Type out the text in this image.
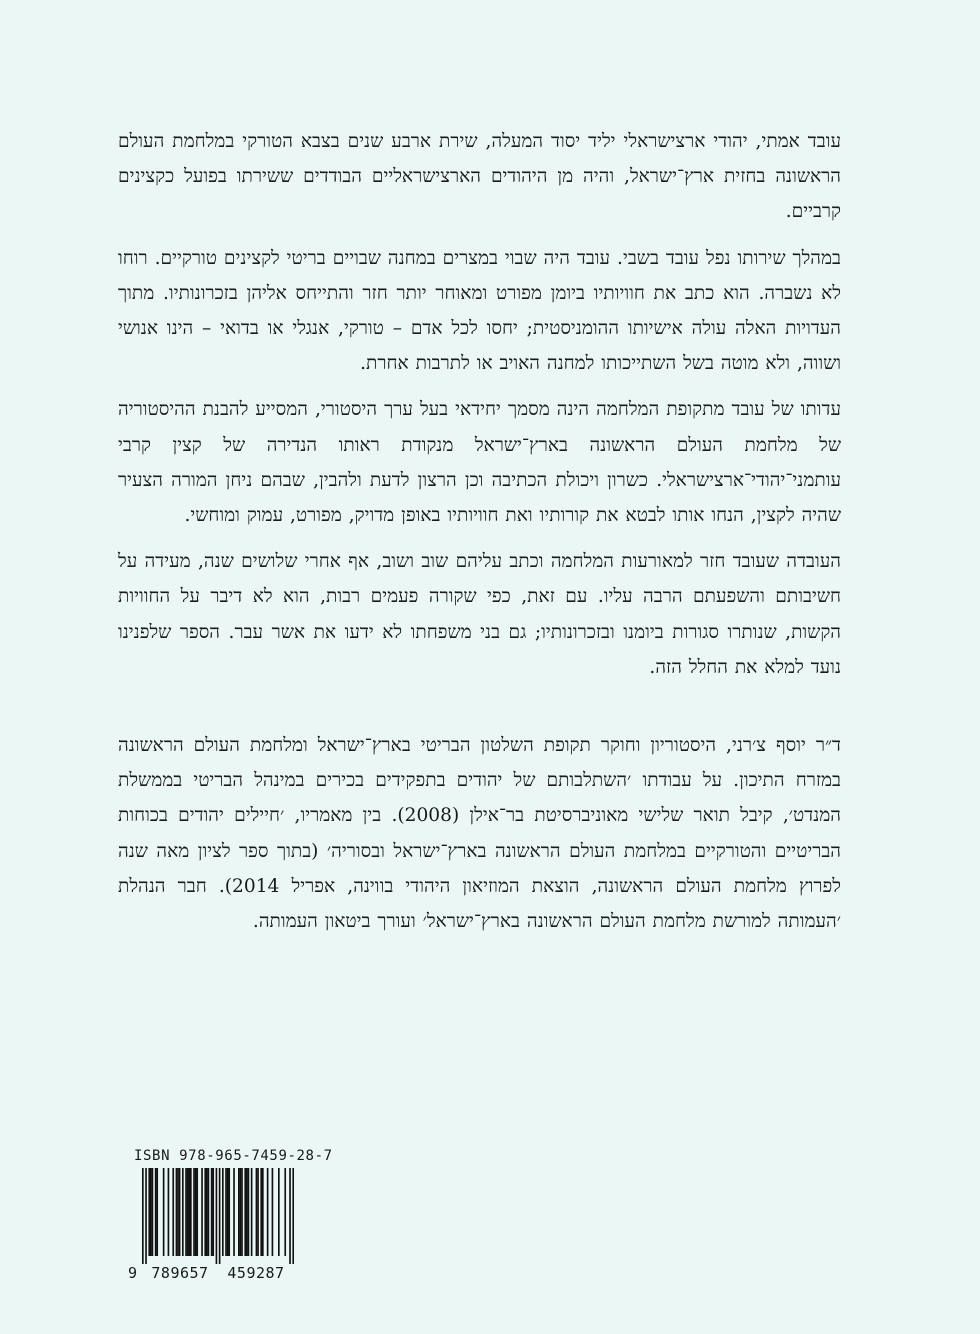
עובד אמתי, יהודי ארצישראלי יליד יסוד המעלה, שירת ארבע שנים בצבא הטורקי במלחמת העולם הראשונה בחזית ארץ־ישראל, והיה מן היהודים הארצישראליים הבודדים ששירתו בפועל כקצינים קרביים.

במהלך שירותו נפל עובד בשבי. עובד היה שבוי במצרים במחנה שבויים בריטי לקצינים טורקיים. רוחו לא נשברה. הוא כתב את חוויותיו ביומן מפורט ומאוחר יותר חזר והתייחס אליהן בזכרונותיו. מתוך העדויות האלה עולה אישיותו ההומניסטית; יחסו לכל אדם – טורקי, אנגלי או בדואי – הינו אנושי ושווה, ולא מוטה בשל השתייכותו למחנה האויב או לתרבות אחרת.

עדותו של עובד מתקופת המלחמה הינה מסמך יחידאי בעל ערך היסטורי, המסייע להבנת ההיסטוריה של מלחמת העולם הראשונה בארץ־ישראל מנקודת ראותו הנדירה של קצין קרבי עותמני־יהודי־ארצישראלי. כשרון ויכולת הכתיבה וכן הרצון לדעת ולהבין, שבהם ניחן המורה הצעיר שהיה לקצין, הנחו אותו לבטא את קורותיו ואת חוויותיו באופן מדויק, מפורט, עמוק ומוחשי.

העובדה שעובד חזר למאורעות המלחמה וכתב עליהם שוב ושוב, אף אחרי שלושים שנה, מעידה על חשיבותם והשפעתם הרבה עליו. עם זאת, כפי שקורה פעמים רבות, הוא לא דיבר על החוויות הקשות, שנותרו סגורות ביומנו ובזכרונותיו; גם בני משפחתו לא ידעו את אשר עבר. הספר שלפנינו נועד למלא את החלל הזה.

ד״ר יוסף צ׳רני, היסטוריון וחוקר תקופת השלטון הבריטי בארץ־ישראל ומלחמת העולם הראשונה במזרח התיכון. על עבודתו ׳השתלבותם של יהודים בתפקידים בכירים במינהל הבריטי בממשלת המנדט׳, קיבל תואר שלישי מאוניברסיטת בר־אילן (2008). בין מאמריו, ׳חיילים יהודים בכוחות הבריטיים והטורקיים במלחמת העולם הראשונה בארץ־ישראל ובסוריה׳ (בתוך ספר לציון מאה שנה לפרוץ מלחמת העולם הראשונה, הוצאת המוזיאון היהודי בווינה, אפריל 2014). חבר הנהלת ׳העמותה למורשת מלחמת העולם הראשונה בארץ־ישראל׳ ועורך ביטאון העמותה.

ISBN 978-965-7459-28-7
9 789657	459287
